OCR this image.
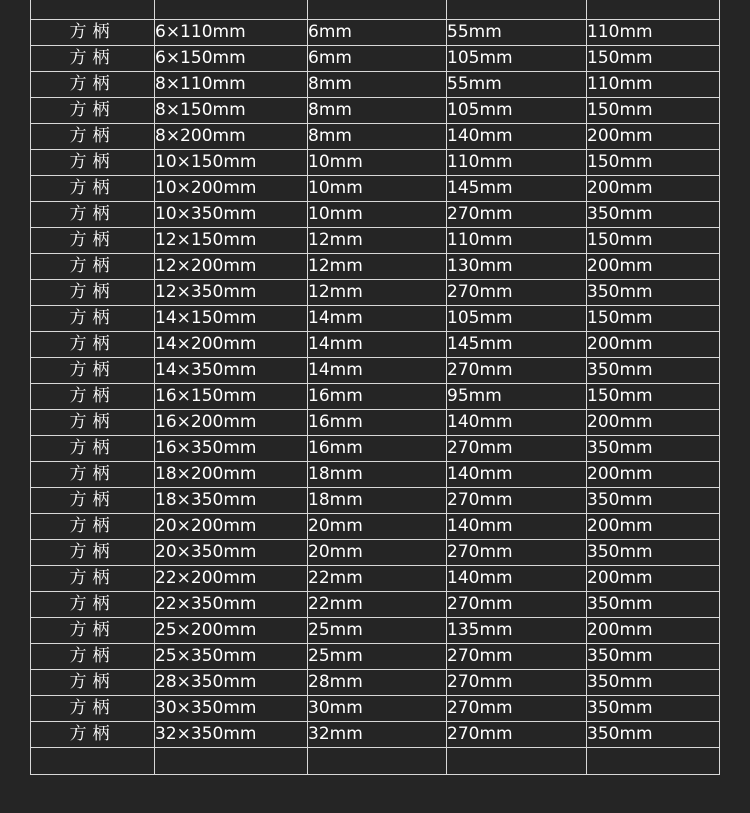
方柄	6×110mm	6mm	55mm	110mm
方柄	6×150mm	6mm	105mm	150mm
方柄	8×110mm	8mm	55mm	110mm
方柄	8×150mm	8mm	105mm	150mm
方柄	8×200mm	8mm	140mm	200mm
方柄	10×150mm	10mm	110mm	150mm
方柄	10×200mm	10mm	145mm	200mm
方柄	10×350mm	10mm	270mm	350mm
方柄	12×150mm	12mm	110mm	150mm
方柄	12×200mm	12mm	130mm	200mm
方柄	12×350mm	12mm	270mm	350mm
方柄	14×150mm	14mm	105mm	150mm
方柄	14×200mm	14mm	145mm	200mm
方柄	14×350mm	14mm	270mm	350mm
方柄	16×150mm	16mm	95mm	150mm
方柄	16×200mm	16mm	140mm	200mm
方柄	16×350mm	16mm	270mm	350mm
方柄	18×200mm	18mm	140mm	200mm
方柄	18×350mm	18mm	270mm	350mm
方柄	20×200mm	20mm	140mm	200mm
方柄	20×350mm	20mm	270mm	350mm
方柄	22×200mm	22mm	140mm	200mm
方柄	22×350mm	22mm	270mm	350mm
方柄	25×200mm	25mm	135mm	200mm
方柄	25×350mm	25mm	270mm	350mm
方柄	28×350mm	28mm	270mm	350mm
方柄	30×350mm	30mm	270mm	350mm
方柄	32×350mm	32mm	270mm	350mm
